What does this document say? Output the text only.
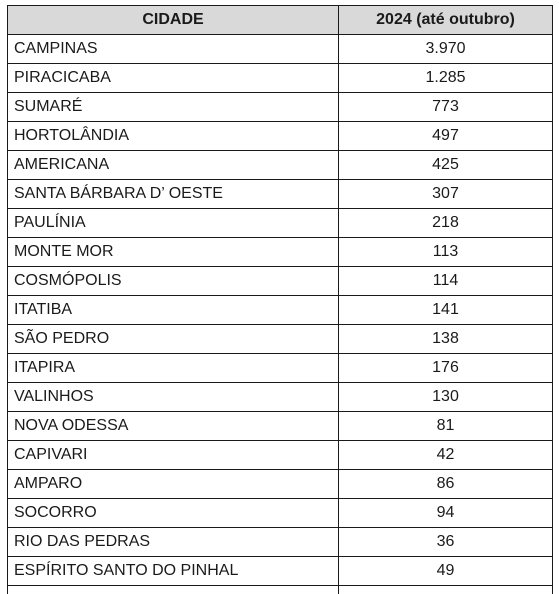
CIDADE	2024 (até outubro)
CAMPINAS	3.970
PIRACICABA	1.285
SUMARÉ	773
HORTOLÂNDIA	497
AMERICANA	425
SANTA BÁRBARA D’ OESTE	307
PAULÍNIA	218
MONTE MOR	113
COSMÓPOLIS	114
ITATIBA	141
SÃO PEDRO	138
ITAPIRA	176
VALINHOS	130
NOVA ODESSA	81
CAPIVARI	42
AMPARO	86
SOCORRO	94
RIO DAS PEDRAS	36
ESPÍRITO SANTO DO PINHAL	49
